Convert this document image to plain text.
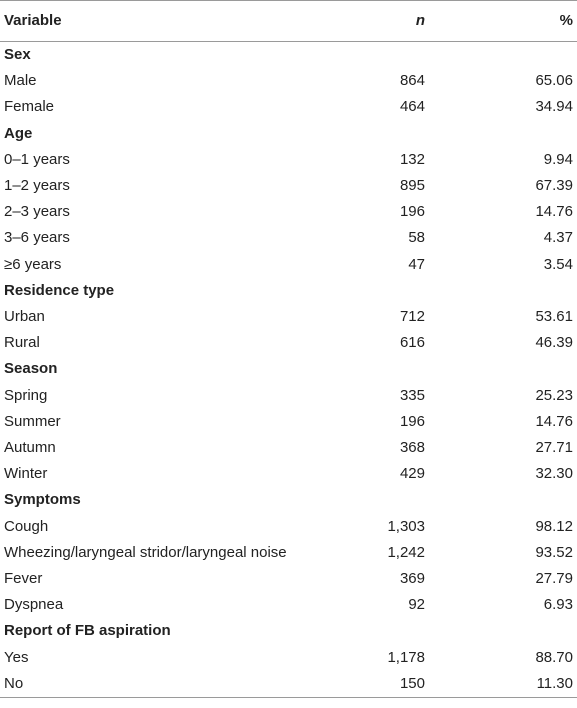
Variable	n	%
Sex		
Male	864	65.06
Female	464	34.94
Age		
0–1 years	132	9.94
1–2 years	895	67.39
2–3 years	196	14.76
3–6 years	58	4.37
≥6 years	47	3.54
Residence type		
Urban	712	53.61
Rural	616	46.39
Season		
Spring	335	25.23
Summer	196	14.76
Autumn	368	27.71
Winter	429	32.30
Symptoms		
Cough	1,303	98.12
Wheezing/laryngeal stridor/laryngeal noise	1,242	93.52
Fever	369	27.79
Dyspnea	92	6.93
Report of FB aspiration		
Yes	1,178	88.70
No	150	11.30
